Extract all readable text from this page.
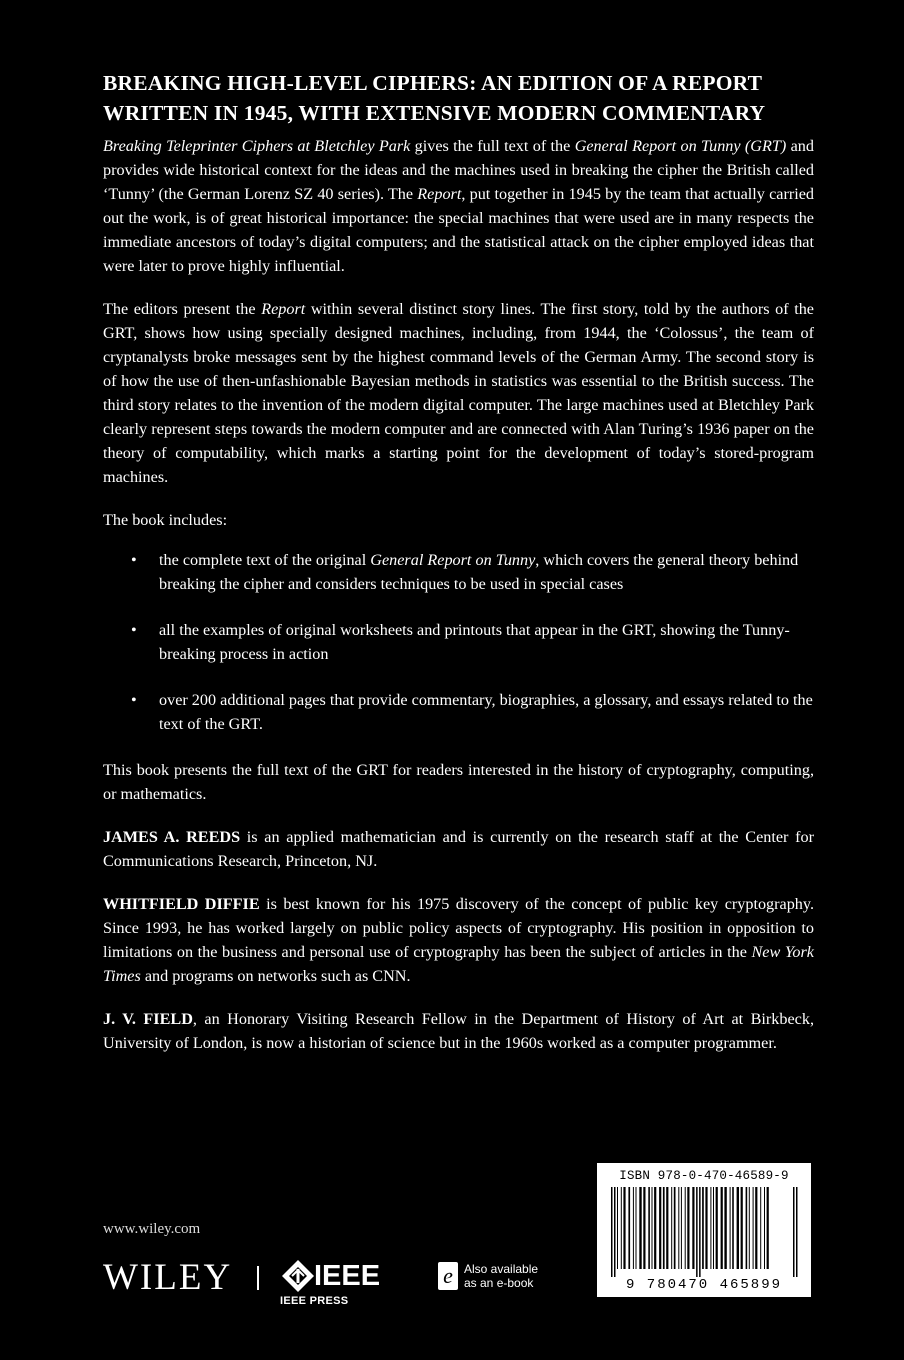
BREAKING HIGH-LEVEL CIPHERS: AN EDITION OF A REPORT WRITTEN IN 1945, WITH EXTENSIVE MODERN COMMENTARY

Breaking Teleprinter Ciphers at Bletchley Park gives the full text of the General Report on Tunny (GRT) and provides wide historical context for the ideas and the machines used in breaking the cipher the British called ‘Tunny’ (the German Lorenz SZ 40 series). The Report, put together in 1945 by the team that actually carried out the work, is of great historical importance: the special machines that were used are in many respects the immediate ancestors of today’s digital computers; and the statistical attack on the cipher employed ideas that were later to prove highly influential.

The editors present the Report within several distinct story lines. The first story, told by the authors of the GRT, shows how using specially designed machines, including, from 1944, the ‘Colossus’, the team of cryptanalysts broke messages sent by the highest command levels of the German Army. The second story is of how the use of then-unfashionable Bayesian methods in statistics was essential to the British success. The third story relates to the invention of the modern digital computer. The large machines used at Bletchley Park clearly represent steps towards the modern computer and are connected with Alan Turing’s 1936 paper on the theory of computability, which marks a starting point for the development of today’s stored-program machines.

The book includes:

• the complete text of the original General Report on Tunny, which covers the general theory behind breaking the cipher and considers techniques to be used in special cases
• all the examples of original worksheets and printouts that appear in the GRT, showing the Tunny-breaking process in action
• over 200 additional pages that provide commentary, biographies, a glossary, and essays related to the text of the GRT.

This book presents the full text of the GRT for readers interested in the history of cryptography, computing, or mathematics.

JAMES A. REEDS is an applied mathematician and is currently on the research staff at the Center for Communications Research, Princeton, NJ.

WHITFIELD DIFFIE is best known for his 1975 discovery of the concept of public key cryptography. Since 1993, he has worked largely on public policy aspects of cryptography. His position in opposition to limitations on the business and personal use of cryptography has been the subject of articles in the New York Times and programs on networks such as CNN.

J. V. FIELD, an Honorary Visiting Research Fellow in the Department of History of Art at Birkbeck, University of London, is now a historian of science but in the 1960s worked as a computer programmer.

www.wiley.com
WILEY	IEEE
IEEE PRESS
e Also available
as an e-book
ISBN 978-0-470-46589-9
9 780470 465899
